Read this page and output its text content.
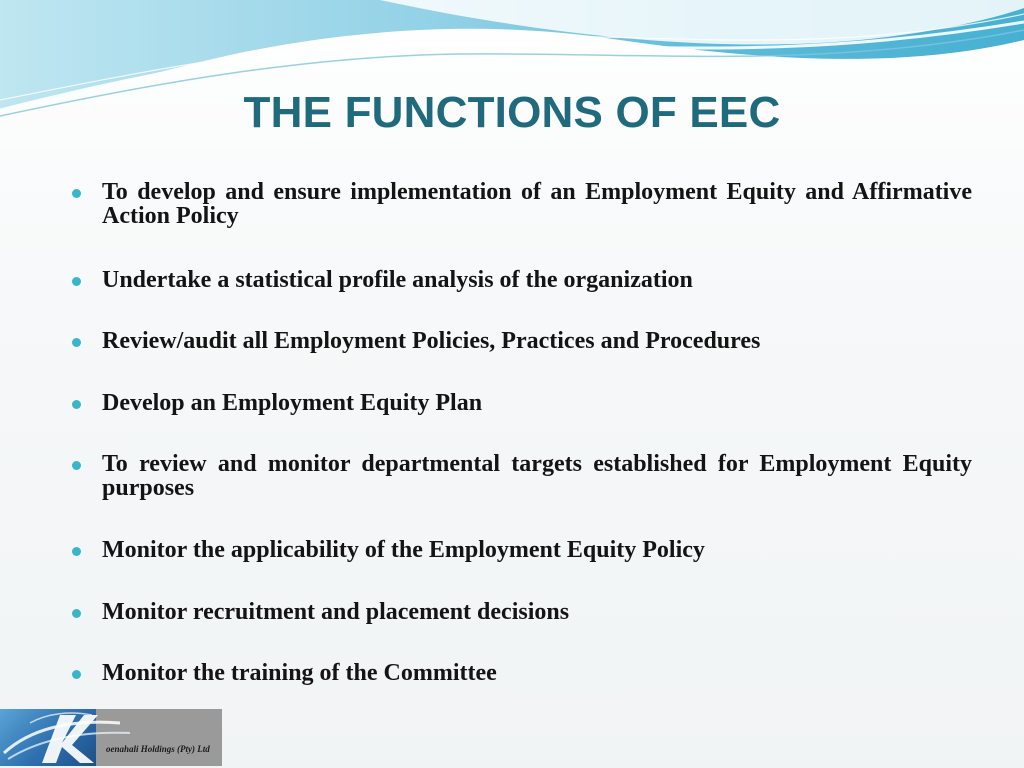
THE FUNCTIONS OF EEC
To develop and ensure implementation of an Employment Equity and Affirmative Action Policy
Undertake a statistical profile analysis of the organization
Review/audit all Employment Policies, Practices and Procedures
Develop an Employment Equity Plan
To review and monitor departmental targets established for Employment Equity purposes
Monitor the applicability of the Employment Equity Policy
Monitor recruitment and placement decisions
Monitor the training of the Committee
oenahali Holdings (Pty) Ltd
